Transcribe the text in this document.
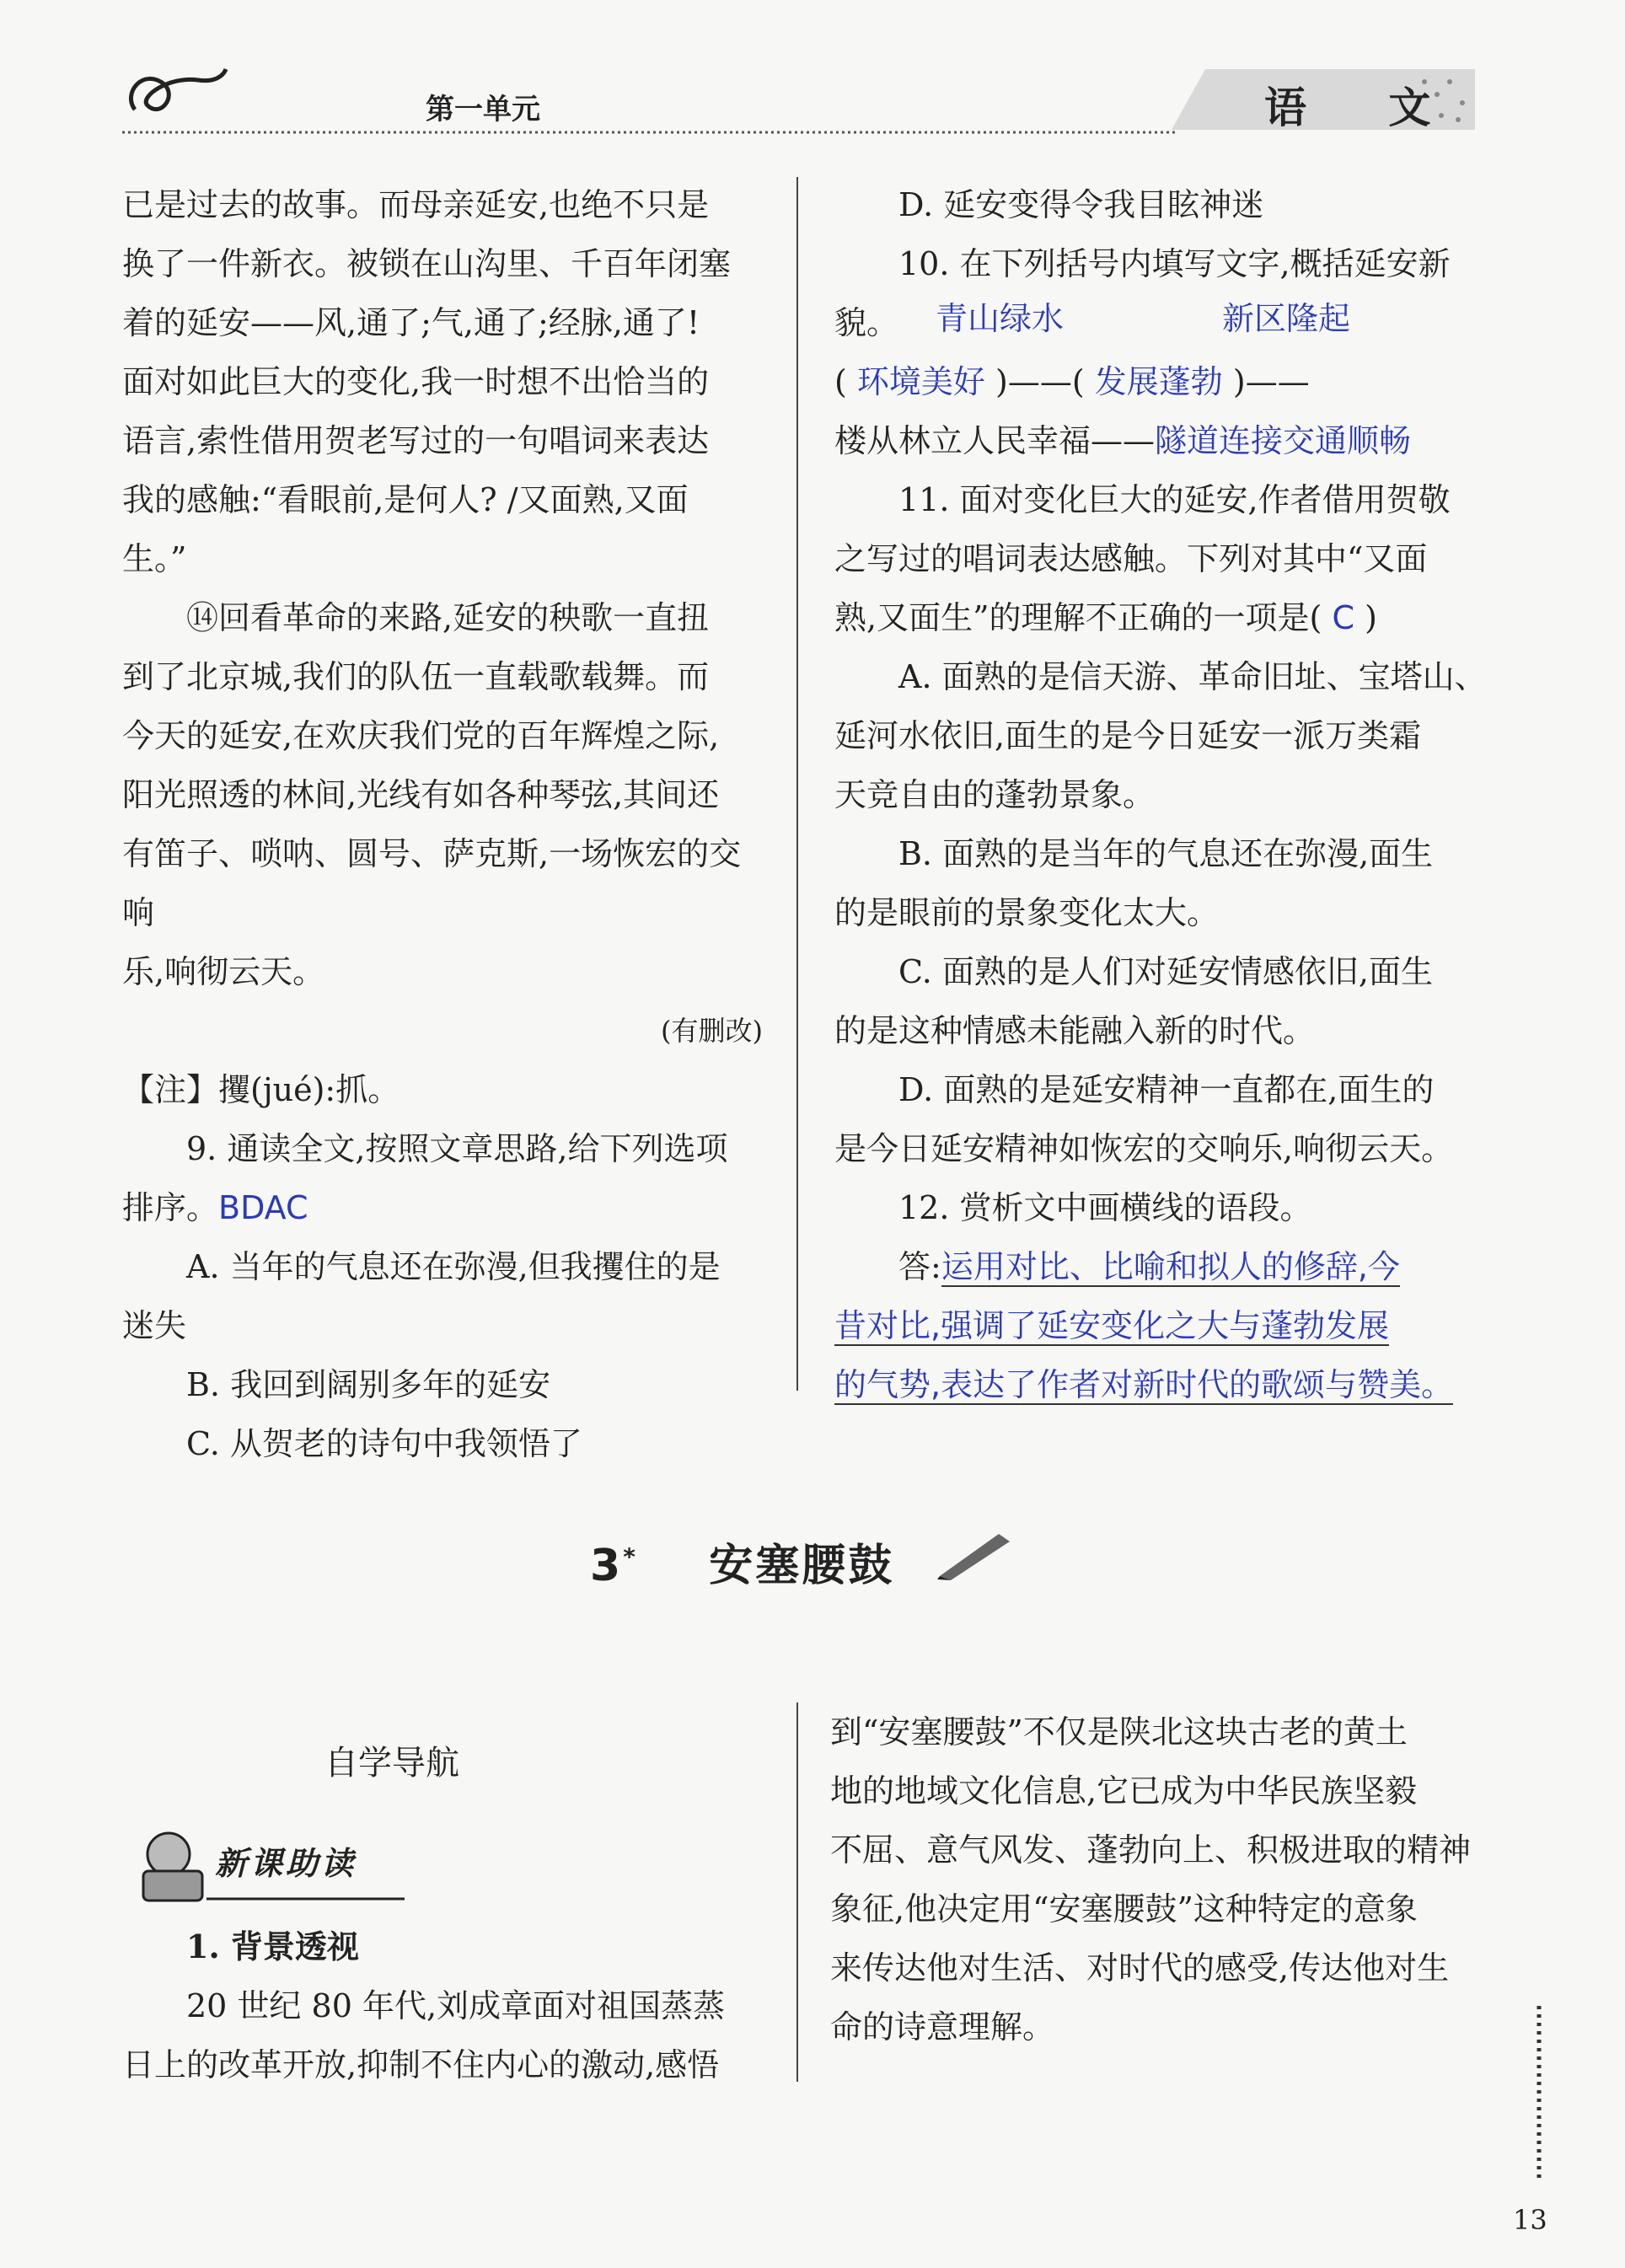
第一单元	语 文

已是过去的故事。而母亲延安,也绝不只是
换了一件新衣。被锁在山沟里、千百年闭塞
着的延安——风,通了;气,通了;经脉,通了!
面对如此巨大的变化,我一时想不出恰当的
语言,索性借用贺老写过的一句唱词来表达
我的感触:“看眼前,是何人? /又面熟,又面
生。”

⑭回看革命的来路,延安的秧歌一直扭
到了北京城,我们的队伍一直载歌载舞。而
今天的延安,在欢庆我们党的百年辉煌之际,
阳光照透的林间,光线有如各种琴弦,其间还
有笛子、唢呐、圆号、萨克斯,一场恢宏的交响
乐,响彻云天。

(有删改)

【注】攫(jué):抓。

9. 通读全文,按照文章思路,给下列选项
排序。BDAC

A. 当年的气息还在弥漫,但我攫住的是
迷失

B. 我回到阔别多年的延安

C. 从贺老的诗句中我领悟了

D. 延安变得令我目眩神迷

10. 在下列括号内填写文字,概括延安新
貌。	青山绿水	新区隆起

( 环境美好 )——( 发展蓬勃 )——

楼从林立人民幸福——隧道连接交通顺畅

11. 面对变化巨大的延安,作者借用贺敬
之写过的唱词表达感触。下列对其中“又面
熟,又面生”的理解不正确的一项是( C )

A. 面熟的是信天游、革命旧址、宝塔山、
延河水依旧,面生的是今日延安一派万类霜
天竞自由的蓬勃景象。

B. 面熟的是当年的气息还在弥漫,面生
的是眼前的景象变化太大。

C. 面熟的是人们对延安情感依旧,面生
的是这种情感未能融入新的时代。

D. 面熟的是延安精神一直都在,面生的
是今日延安精神如恢宏的交响乐,响彻云天。

12. 赏析文中画横线的语段。

答:运用对比、比喻和拟人的修辞,今
昔对比,强调了延安变化之大与蓬勃发展
的气势,表达了作者对新时代的歌颂与赞美。

3* 安塞腰鼓
自学导航
新课助读

1. 背景透视

20 世纪 80 年代,刘成章面对祖国蒸蒸
日上的改革开放,抑制不住内心的激动,感悟

到“安塞腰鼓”不仅是陕北这块古老的黄土
地的地域文化信息,它已成为中华民族坚毅
不屈、意气风发、蓬勃向上、积极进取的精神
象征,他决定用“安塞腰鼓”这种特定的意象
来传达他对生活、对时代的感受,传达他对生
命的诗意理解。

13
